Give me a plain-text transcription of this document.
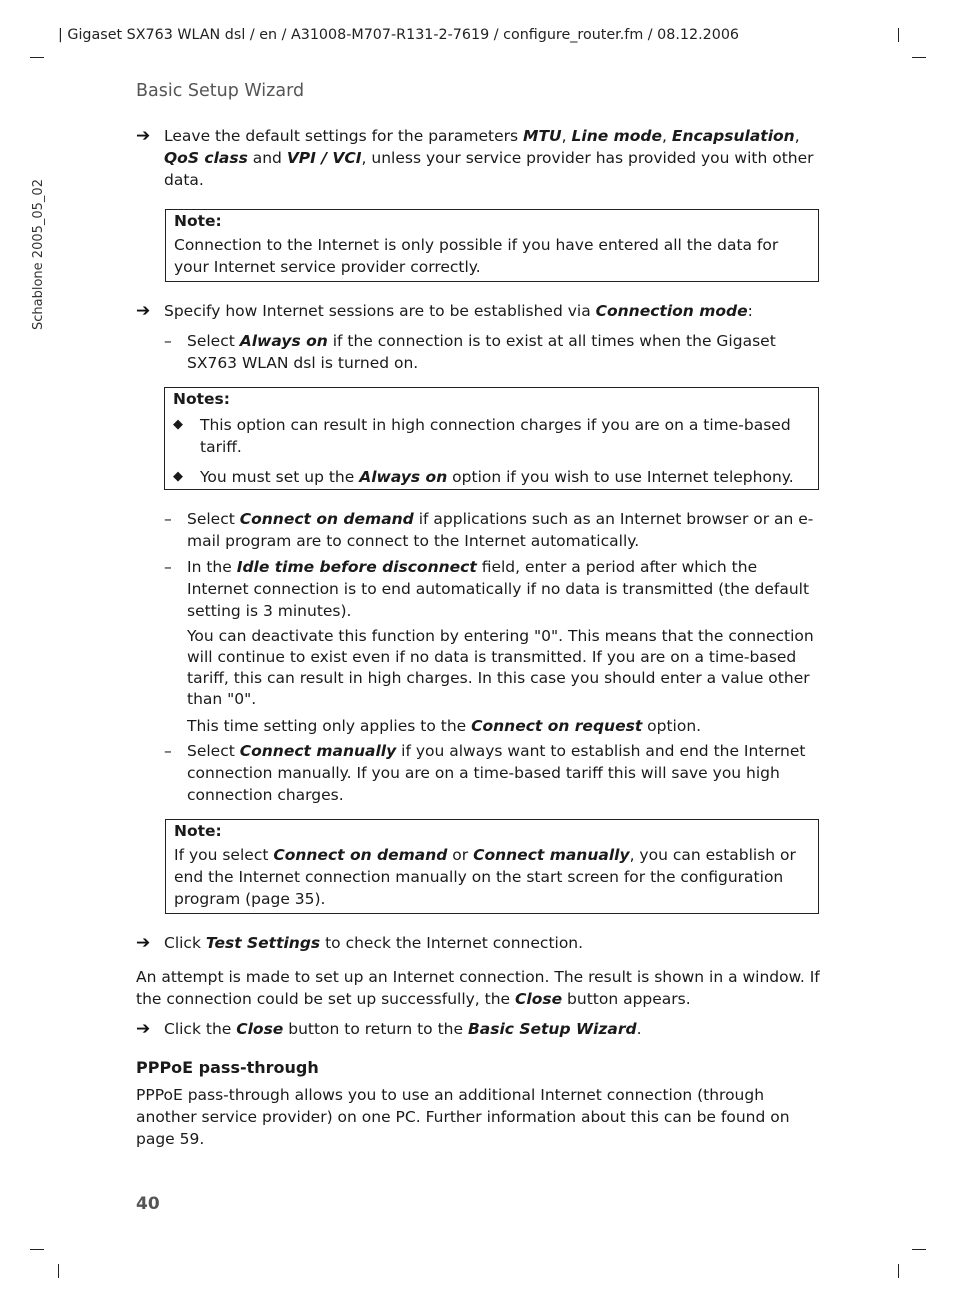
| Gigaset SX763 WLAN dsl / en / A31008-M707-R131-2-7619 / configure_router.fm / 08.12.2006
Schablone 2005_05_02
Basic Setup Wizard
➔ Leave the default settings for the parameters MTU, Line mode, Encapsulation, QoS class and VPI / VCI, unless your service provider has provided you with other data.
Note:
Connection to the Internet is only possible if you have entered all the data for your Internet service provider correctly.
➔ Specify how Internet sessions are to be established via Connection mode:
– Select Always on if the connection is to exist at all times when the Gigaset SX763 WLAN dsl is turned on.
Notes:
◆ This option can result in high connection charges if you are on a time-based tariff.
◆ You must set up the Always on option if you wish to use Internet telephony.
– Select Connect on demand if applications such as an Internet browser or an e-mail program are to connect to the Internet automatically.
– In the Idle time before disconnect field, enter a period after which the Internet connection is to end automatically if no data is transmitted (the default setting is 3 minutes).
You can deactivate this function by entering "0". This means that the connection will continue to exist even if no data is transmitted. If you are on a time-based tariff, this can result in high charges. In this case you should enter a value other than "0".
This time setting only applies to the Connect on request option.
– Select Connect manually if you always want to establish and end the Internet connection manually. If you are on a time-based tariff this will save you high connection charges.
Note:
If you select Connect on demand or Connect manually, you can establish or end the Internet connection manually on the start screen for the configuration program (page 35).
➔ Click Test Settings to check the Internet connection.
An attempt is made to set up an Internet connection. The result is shown in a window. If the connection could be set up successfully, the Close button appears.
➔ Click the Close button to return to the Basic Setup Wizard.
PPPoE pass-through
PPPoE pass-through allows you to use an additional Internet connection (through another service provider) on one PC. Further information about this can be found on page 59.
40
